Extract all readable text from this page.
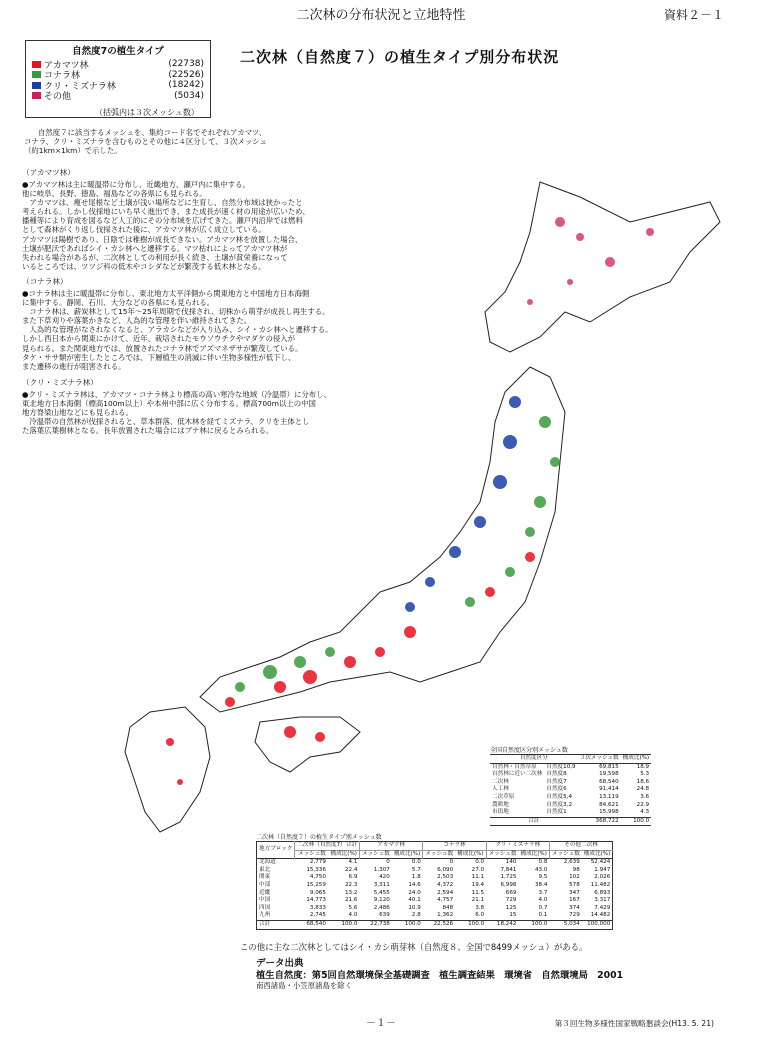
二次林の分布状況と立地特性	資料２－１
自然度7の植生タイプ
アカマツ林	(22738)
コナラ林	(22526)
クリ・ミズナラ林	(18242)
その他	(5034)
（括弧内は３次メッシュ数）
二次林（自然度７）の植生タイプ別分布状況
自然度７に該当するメッシュを、集約コード名でそれぞれアカマツ、
コナラ、クリ・ミズナラを含むものとその他に４区分して、３次メッシュ
（約1km×1km）で示した。
（アカマツ林）
●アカマツ林は主に暖温帯に分布し、近畿地方、瀬戸内に集中する。
他に岐阜、長野、徳島、福島などの各県にも見られる。
　アカマツは、痩せ尾根など土壌が浅い場所などに生育し、自然分布域は狭かったと
考えられる。しかし伐採地にいち早く進出でき、また成長が速く材の用途が広いため、
播種等により育成を図るなど人工的にその分布域を広げてきた。瀬戸内沿岸では燃料
として森林がくり返し伐採された後に、アカマツ林が広く成立している。
アカマツは陽樹であり、日陰では稚樹が成長できない。アカマツ林を放置した場合、
土壌が肥沃であればシイ・カシ林へと遷移する。マツ枯れによってアカマツ林が
失われる場合があるが、二次林としての利用が長く続き、土壌が貧栄養になって
いるところでは、ツツジ科の低木やコシダなどが繁茂する低木林となる。
（コナラ林）
●コナラ林は主に暖温帯に分布し、東北地方太平洋側から関東地方と中国地方日本海側
に集中する。静岡、石川、大分などの各県にも見られる。
　コナラ林は、薪炭林として15年～25年周期で伐採され、切株から萌芽が成長し再生する。
また下草刈りや落葉かきなど、人為的な管理を伴い維持されてきた。
　人為的な管理がなされなくなると、アラカシなどが入り込み、シイ・カシ林へと遷移する。
しかし西日本から関東にかけて、近年、栽培されたモウソウチクやマダケの侵入が
見られる。また関東地方では、放置されたコナラ林でアズマネザサが繁茂している。
タケ・ササ類が密生したところでは、下層植生の消滅に伴い生物多様性が低下し、
また遷移の進行が阻害される。
（クリ・ミズナラ林）
●クリ・ミズナラ林は、アカマツ・コナラ林より標高の高い寒冷な地域（冷温帯）に分布し、
東北地方日本海側（標高100m以上）や本州中部に広く分布する。標高700m以上の中国
地方脊梁山地などにも見られる。
　冷温帯の自然林が伐採されると、草本群落、低木林を経てミズナラ、クリを主体とし
た落葉広葉樹林となる。長年放置された場合にはブナ林に戻るとみられる。
全国自然度区分別メッシュ数
自然度区分		３次メッシュ数	構成比(%)
自然林・自然草原	自然度10,9	69,815	18.9
自然林に近い二次林	自然度8	19,598	5.3
二次林	自然度7	68,540	18.6
人工林	自然度6	91,414	24.8
二次草原	自然度5,4	13,119	3.6
農耕地	自然度3,2	84,621	22.9
市街地	自然度1	15,998	4.3
合計		368,722	100.0
二次林（自然度７）の植生タイプ別メッシュ数
地方ブロック	二次林（自然度7）合計		アカマツ林		コナラ林		クリ・ミズナラ林		その他二次林	
	メッシュ数	構成比(%)	メッシュ数	構成比(%)	メッシュ数	構成比(%)	メッシュ数	構成比(%)	メッシュ数	構成比(%)
北海道	2,779	4.1	0	0.0	0	0.0	140	0.8	2,639	52.424
東北	15,336	22.4	1,307	5.7	6,090	27.0	7,841	43.0	98	1.947
関東	4,750	6.9	420	1.8	2,503	11.1	1,725	9.5	102	2.026
中部	15,259	22.3	3,311	14.6	4,372	19.4	6,998	38.4	578	11.482
近畿	9,065	13.2	5,455	24.0	2,594	11.5	669	3.7	347	6.893
中国	14,773	21.6	9,120	40.1	4,757	21.1	729	4.0	167	3.317
四国	3,833	5.6	2,486	10.9	848	3.8	125	0.7	374	7.429
九州	2,745	4.0	639	2.8	1,362	6.0	15	0.1	729	14.482
合計	68,540	100.0	22,738	100.0	22,526	100.0	18,242	100.0	5,034	100.000
この他に主な二次林としてはシイ・カシ萌芽林（自然度８、全国で8499メッシュ）がある。
データ出典
植生自然度：第5回自然環境保全基礎調査　植生調査結果　環境省　自然環境局　2001
南西諸島・小笠原諸島を除く
－１－	第３回生物多様性国家戦略懇談会(H13. 5. 21)
